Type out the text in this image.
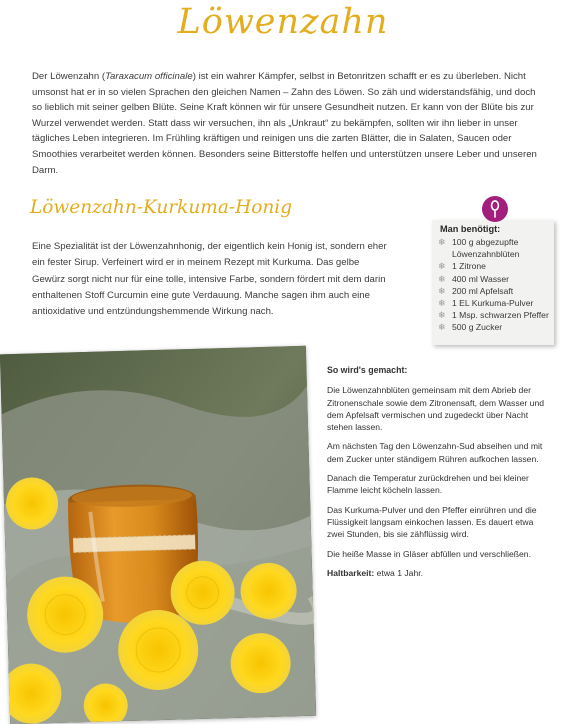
Löwenzahn

Der Löwenzahn (Taraxacum officinale) ist ein wahrer Kämpfer, selbst in Betonritzen schafft er es zu überleben. Nicht umsonst hat er in so vielen Sprachen den gleichen Namen – Zahn des Löwen. So zäh und widerstandsfähig, und doch so lieblich mit seiner gelben Blüte. Seine Kraft können wir für unsere Gesundheit nutzen. Er kann von der Blüte bis zur Wurzel verwendet werden. Statt dass wir versuchen, ihn als „Unkraut“ zu bekämpfen, sollten wir ihn lieber in unser tägliches Leben integrieren. Im Frühling kräftigen und reinigen uns die zarten Blätter, die in Salaten, Saucen oder Smoothies verarbeitet werden können. Besonders seine Bitterstoffe helfen und unterstützen unsere Leber und unseren Darm.

Löwenzahn-Kurkuma-Honig

Eine Spezialität ist der Löwenzahnhonig, der eigentlich kein Honig ist, sondern eher ein fester Sirup. Verfeinert wird er in meinem Rezept mit Kurkuma. Das gelbe Gewürz sorgt nicht nur für eine tolle, intensive Farbe, sondern fördert mit dem darin enthaltenen Stoff Curcumin eine gute Verdauung. Manche sagen ihm auch eine antioxidative und entzündungshemmende Wirkung nach.

Man benötigt:
❄ 100 g abgezupfte Löwenzahnblüten
❄ 1 Zitrone
❄ 400 ml Wasser
❄ 200 ml Apfelsaft
❄ 1 EL Kurkuma-Pulver
❄ 1 Msp. schwarzen Pfeffer
❄ 500 g Zucker

So wird's gemacht:

Die Löwenzahnblüten gemeinsam mit dem Abrieb der Zitronenschale sowie dem Zitronensaft, dem Wasser und dem Apfelsaft vermischen und zugedeckt über Nacht stehen lassen.

Am nächsten Tag den Löwenzahn-Sud abseihen und mit dem Zucker unter ständigem Rühren aufkochen lassen.

Danach die Temperatur zurückdrehen und bei kleiner Flamme leicht köcheln lassen.

Das Kurkuma-Pulver und den Pfeffer einrühren und die Flüssigkeit langsam einkochen lassen. Es dauert etwa zwei Stunden, bis sie zähflüssig wird.

Die heiße Masse in Gläser abfüllen und verschließen.

Haltbarkeit: etwa 1 Jahr.
